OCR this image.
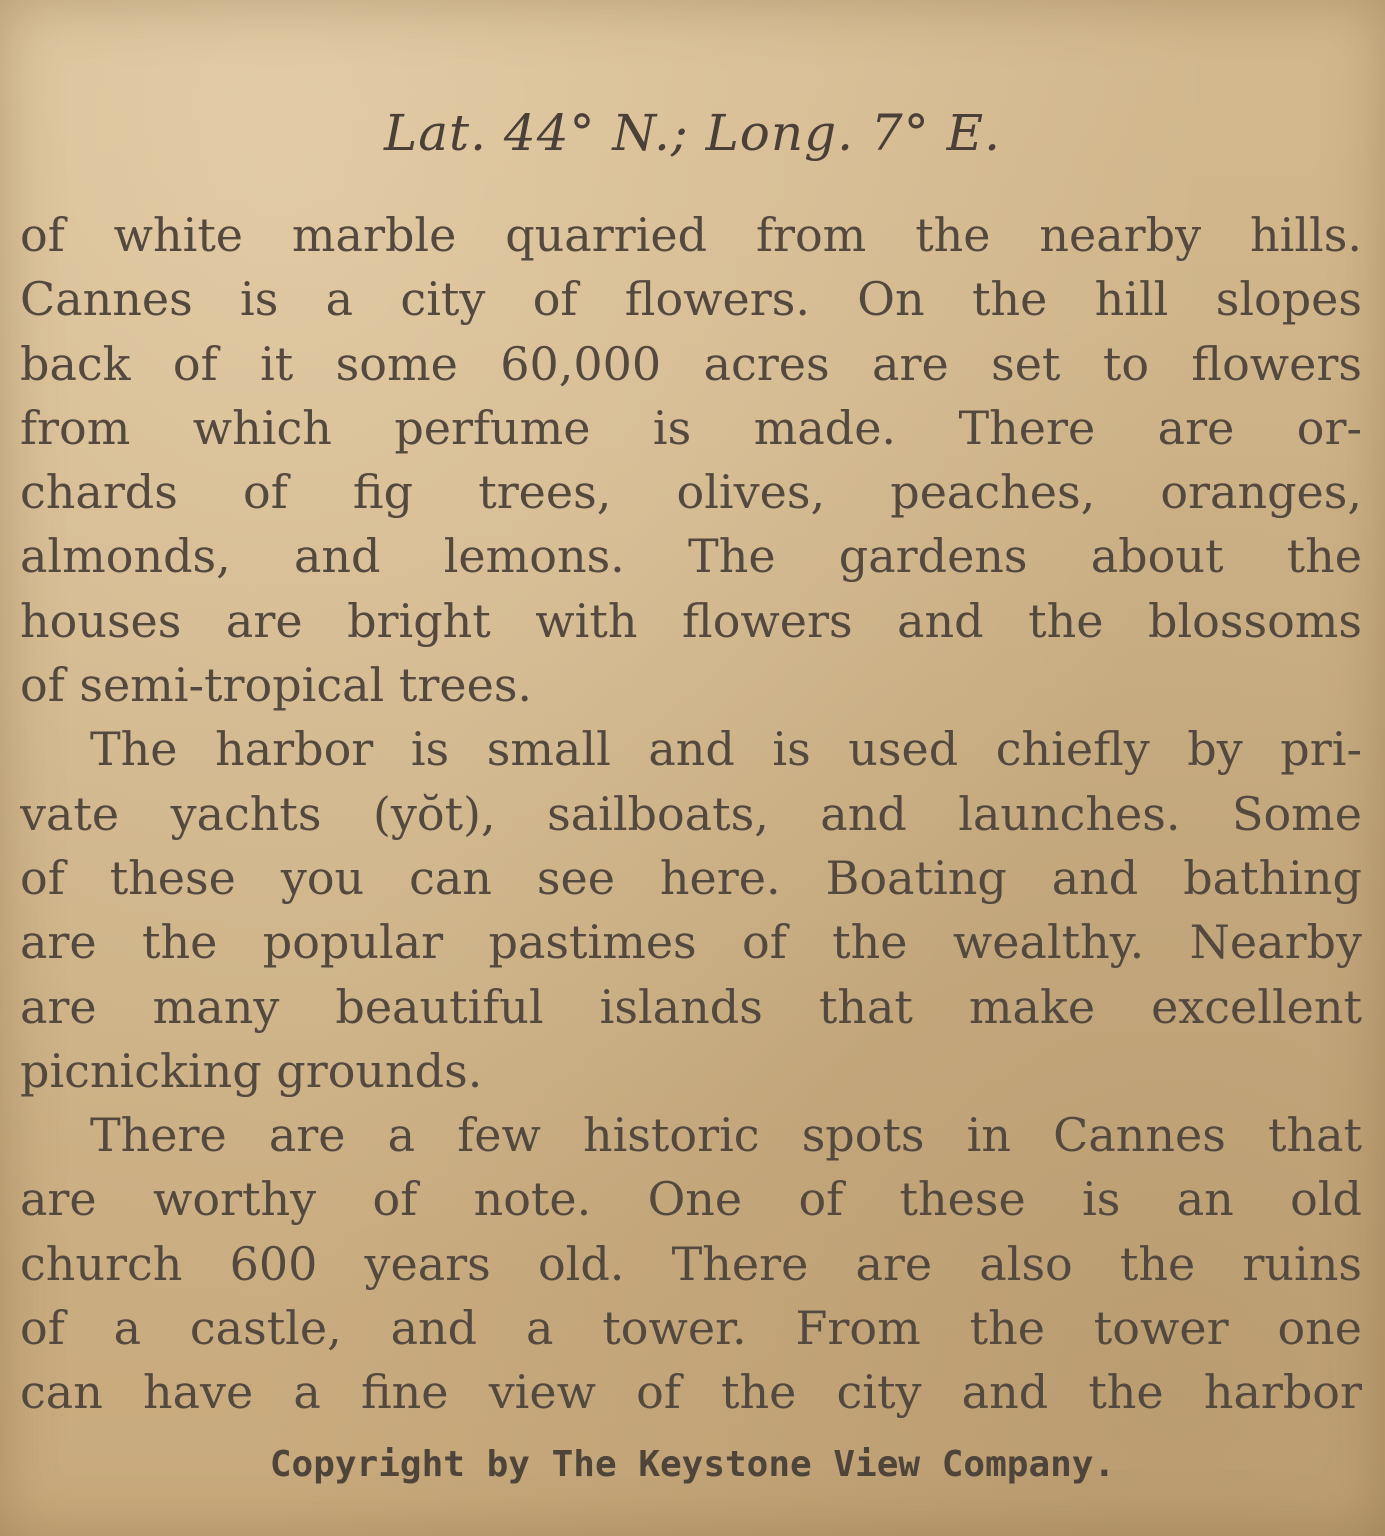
Lat. 44° N.; Long. 7° E.
of white marble quarried from the nearby hills.
Cannes is a city of flowers. On the hill slopes
back of it some 60,000 acres are set to flowers
from which perfume is made. There are or-
chards of fig trees, olives, peaches, oranges,
almonds, and lemons. The gardens about the
houses are bright with flowers and the blossoms
of semi-tropical trees.
The harbor is small and is used chiefly by pri-
vate yachts (yŏt), sailboats, and launches. Some
of these you can see here. Boating and bathing
are the popular pastimes of the wealthy. Nearby
are many beautiful islands that make excellent
picnicking grounds.
There are a few historic spots in Cannes that
are worthy of note. One of these is an old
church 600 years old. There are also the ruins
of a castle, and a tower. From the tower one
can have a fine view of the city and the harbor
Copyright by The Keystone View Company.
